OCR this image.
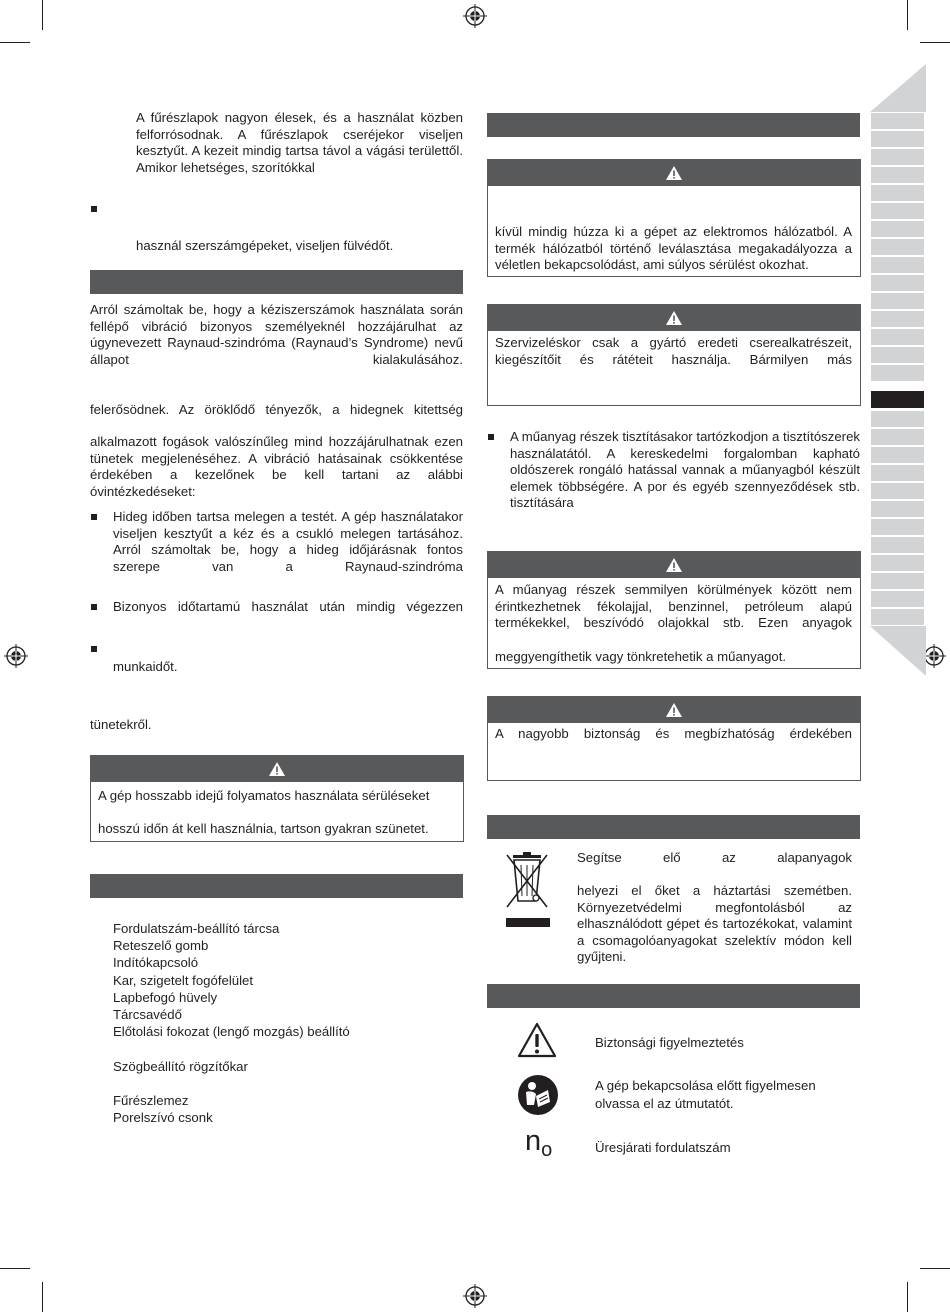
A fűrészlapok nagyon élesek, és a használat közben felforrósodnak. A fűrészlapok cseréjekor viseljen kesztyűt. A kezeit mindig tartsa távol a vágási területtől. Amikor lehetséges, szorítókkal

használ szerszámgépeket, viseljen fülvédőt.

Arról számoltak be, hogy a kéziszerszámok használata során fellépő vibráció bizonyos személyeknél hozzájárulhat az úgynevezett Raynaud-szindróma (Raynaud’s Syndrome) nevű állapot kialakulásához.

felerősödnek. Az öröklődő tényezők, a hidegnek kitettség

alkalmazott fogások valószínűleg mind hozzájárulhatnak ezen tünetek megjelenéséhez. A vibráció hatásainak csökkentése érdekében a kezelőnek be kell tartani az alábbi óvintézkedéseket:

Hideg időben tartsa melegen a testét. A gép használatakor viseljen kesztyűt a kéz és a csukló melegen tartásához. Arról számoltak be, hogy a hideg időjárásnak fontos szerepe van a Raynaud-szindróma

Bizonyos időtartamú használat után mindig végezzen

munkaidőt.

tünetekről.

A gép hosszabb idejű folyamatos használata sérüléseket

hosszú időn át kell használnia, tartson gyakran szünetet.

Fordulatszám-beállító tárcsa
Reteszelő gomb
Indítókapcsoló
Kar, szigetelt fogófelület
Lapbefogó hüvely
Tárcsavédő
Előtolási fokozat (lengő mozgás) beállító
Szögbeállító rögzítőkar
Fűrészlemez
Porelszívó csonk

kívül mindig húzza ki a gépet az elektromos hálózatból. A termék hálózatból történő leválasztása megakadályozza a véletlen bekapcsolódást, ami súlyos sérülést okozhat.

Szervizeléskor csak a gyártó eredeti cserealkatrészeit, kiegészítőit és rátéteit használja. Bármilyen más

A műanyag részek tisztításakor tartózkodjon a tisztítószerek használatától. A kereskedelmi forgalomban kapható oldószerek rongáló hatással vannak a műanyagból készült elemek többségére. A por és egyéb szennyeződések stb. tisztítására

A műanyag részek semmilyen körülmények között nem érintkezhetnek fékolajjal, benzinnel, petróleum alapú termékekkel, beszívódó olajokkal stb. Ezen anyagok

meggyengíthetik vagy tönkretehetik a műanyagot.

A nagyobb biztonság és megbízhatóság érdekében

Segítse elő az alapanyagok

helyezi el őket a háztartási szemétben. Környezetvédelmi megfontolásból az elhasználódott gépet és tartozékokat, valamint a csomagolóanyagokat szelektív módon kell gyűjteni.

Biztonsági figyelmeztetés

A gép bekapcsolása előtt figyelmesen olvassa el az útmutatót.

$n_o$	Üresjárati fordulatszám
